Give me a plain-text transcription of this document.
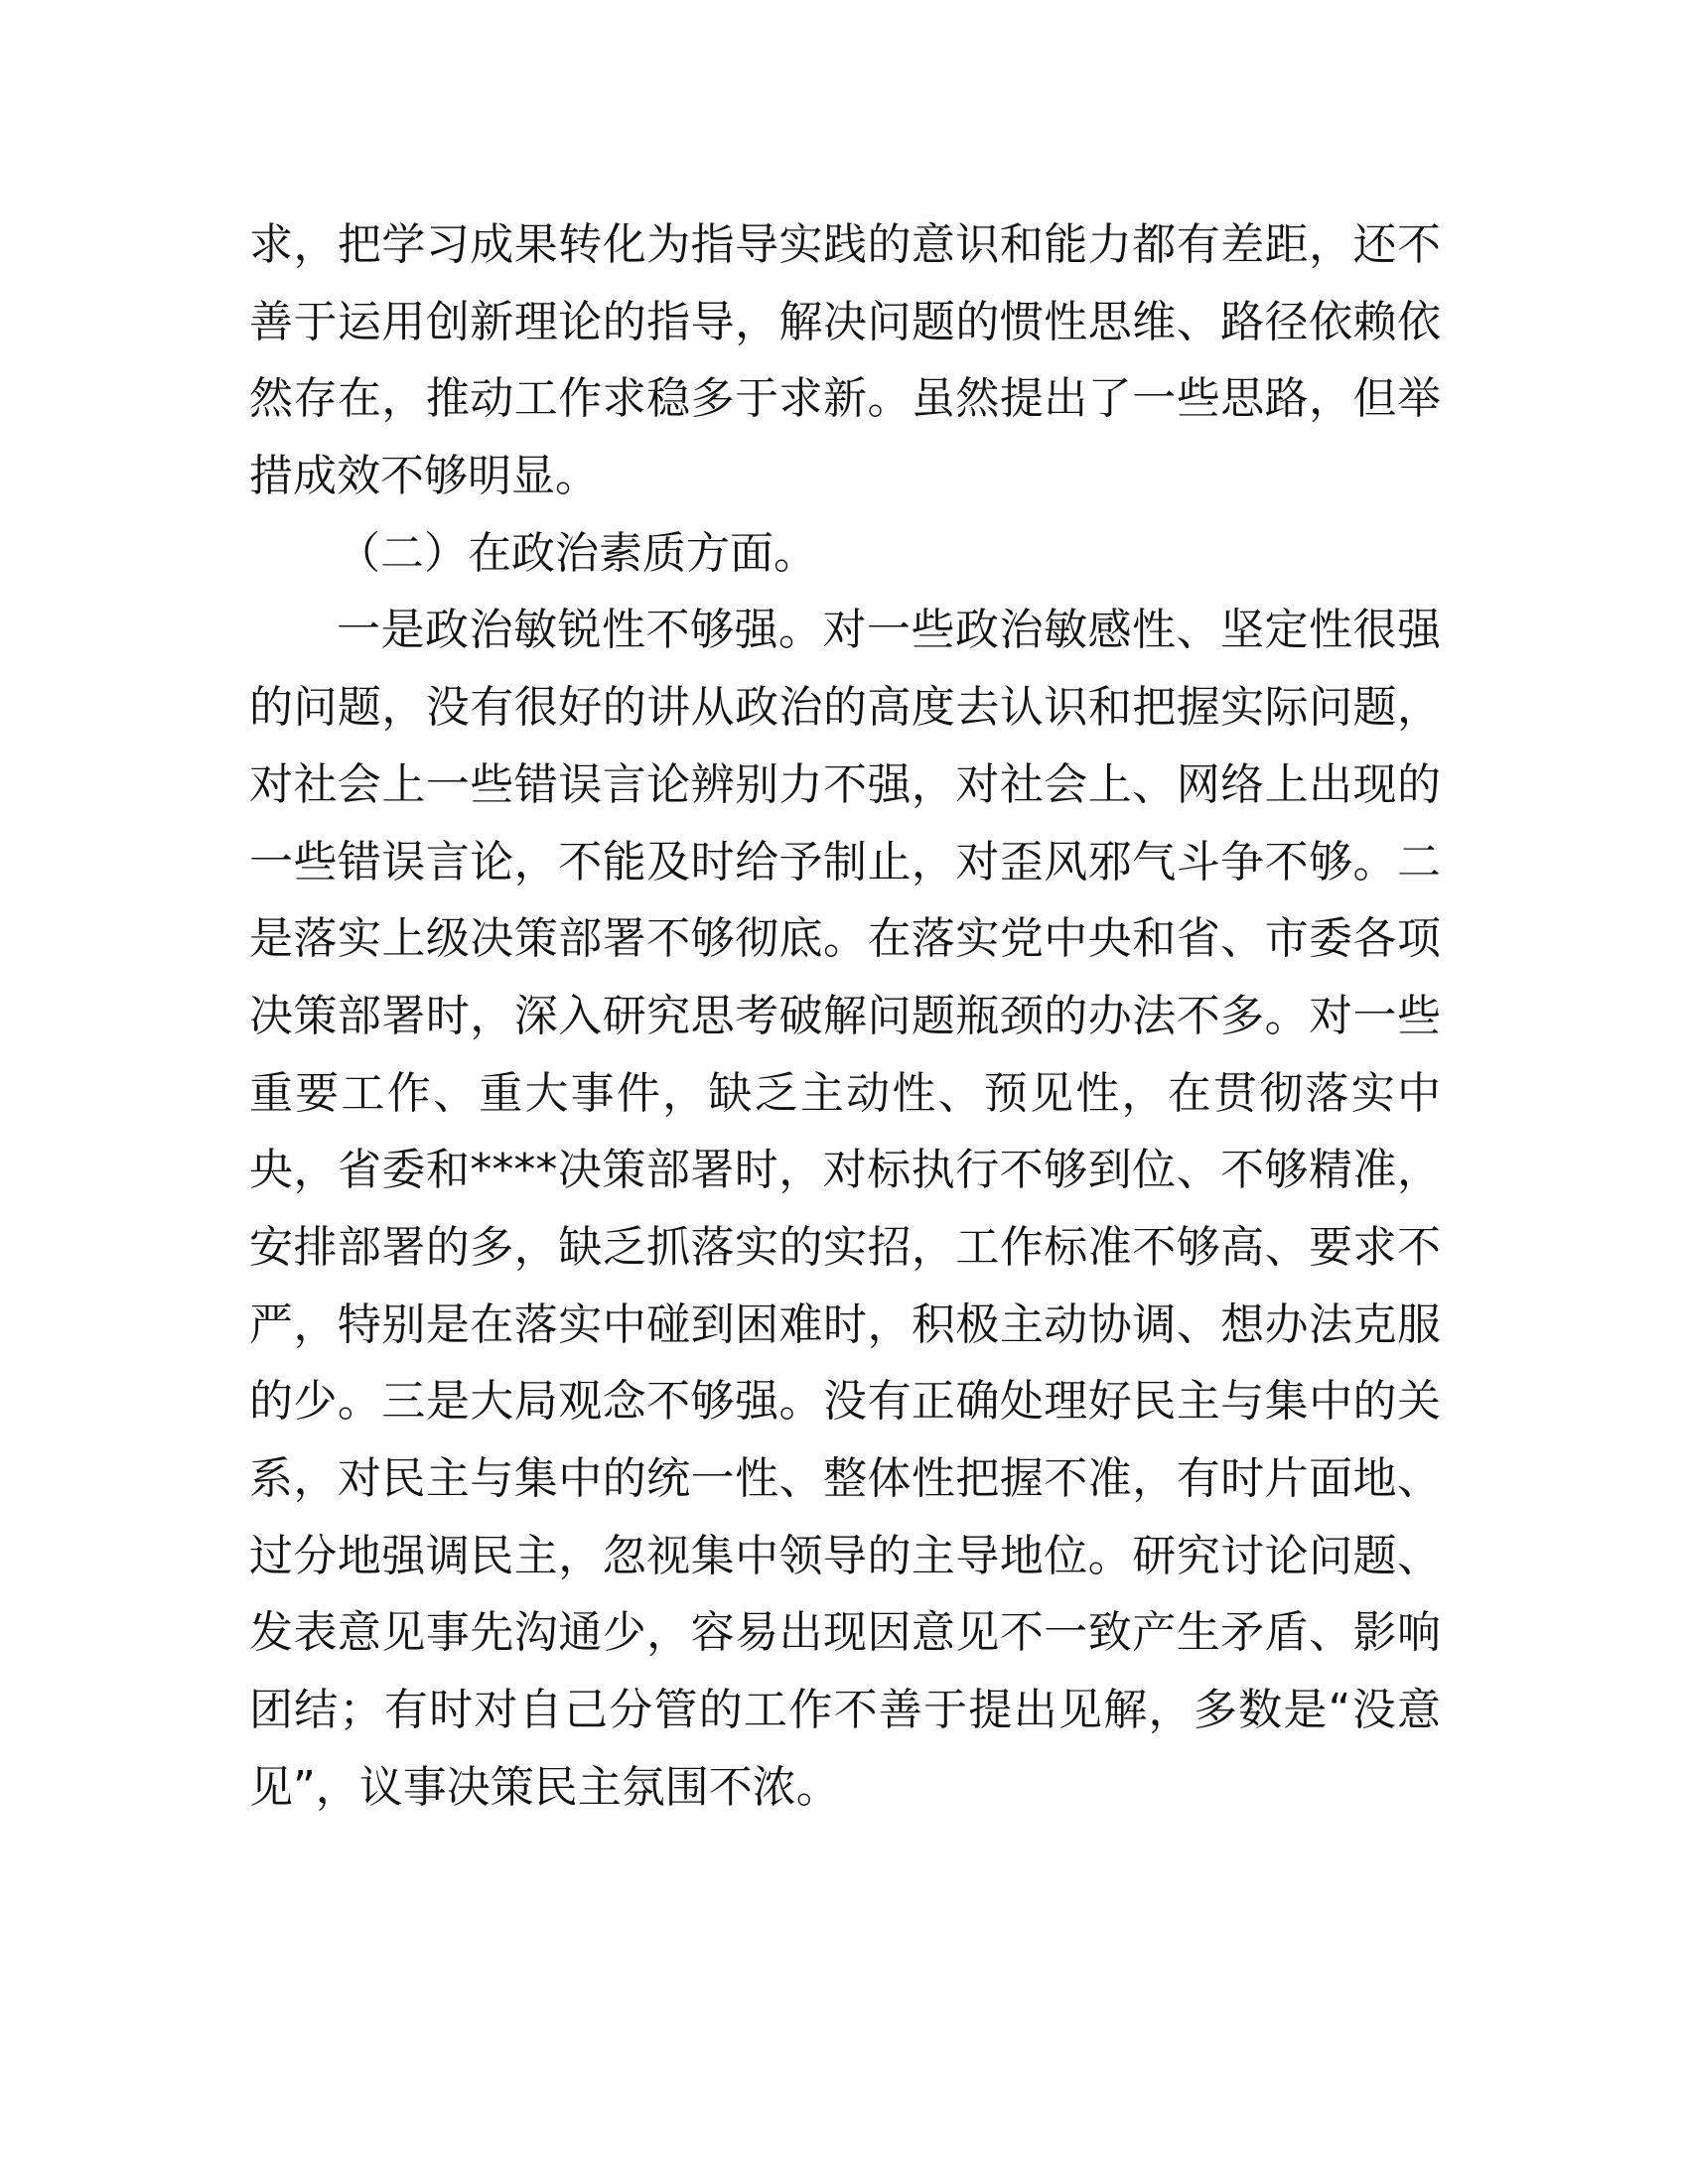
求，把学习成果转化为指导实践的意识和能力都有差距，还不
善于运用创新理论的指导，解决问题的惯性思维、路径依赖依
然存在，推动工作求稳多于求新。虽然提出了一些思路，但举
措成效不够明显。
（二）在政治素质方面。
一是政治敏锐性不够强。对一些政治敏感性、坚定性很强
的问题，没有很好的讲从政治的高度去认识和把握实际问题，
对社会上一些错误言论辨别力不强，对社会上、网络上出现的
一些错误言论，不能及时给予制止，对歪风邪气斗争不够。二
是落实上级决策部署不够彻底。在落实党中央和省、市委各项
决策部署时，深入研究思考破解问题瓶颈的办法不多。对一些
重要工作、重大事件，缺乏主动性、预见性，在贯彻落实中
央，省委和****决策部署时，对标执行不够到位、不够精准，
安排部署的多，缺乏抓落实的实招，工作标准不够高、要求不
严，特别是在落实中碰到困难时，积极主动协调、想办法克服
的少。三是大局观念不够强。没有正确处理好民主与集中的关
系，对民主与集中的统一性、整体性把握不准，有时片面地、
过分地强调民主，忽视集中领导的主导地位。研究讨论问题、
发表意见事先沟通少，容易出现因意见不一致产生矛盾、影响
团结；有时对自己分管的工作不善于提出见解，多数是“没意
见”，议事决策民主氛围不浓。
